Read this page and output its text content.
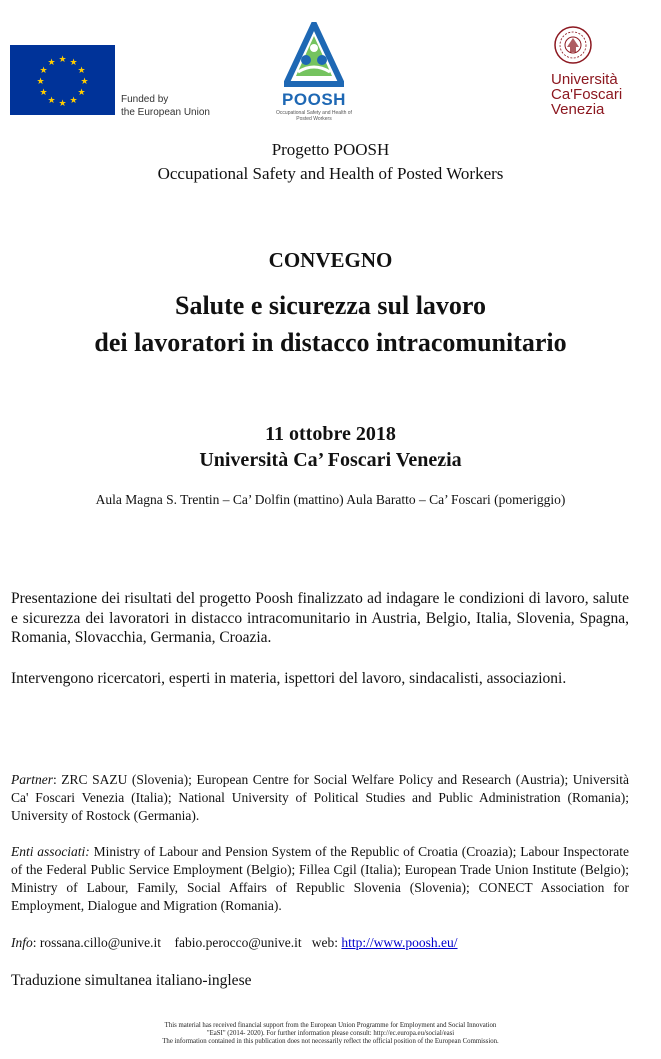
★ ★
★
★
★
★
★
★
★
★
★
★
Funded by
the European Union
POOSH
Occupational Safety and Health of Posted Workers
Università
Ca'Foscari
Venezia
Progetto POOSH
Occupational Safety and Health of Posted Workers
CONVEGNO
Salute e sicurezza sul lavoro
dei lavoratori in distacco intracomunitario
11 ottobre 2018
Università Ca’ Foscari Venezia
Aula Magna S. Trentin – Ca’ Dolfin (mattino) Aula Baratto – Ca’ Foscari (pomeriggio)
Presentazione dei risultati del progetto Poosh finalizzato ad indagare le condizioni di lavoro, salute e sicurezza dei lavoratori in distacco intracomunitario in Austria, Belgio, Italia, Slovenia, Spagna, Romania, Slovacchia, Germania, Croazia.
Intervengono ricercatori, esperti in materia, ispettori del lavoro, sindacalisti, associazioni.
Partner: ZRC SAZU (Slovenia); European Centre for Social Welfare Policy and Research (Austria); Università Ca' Foscari Venezia (Italia); National University of Political Studies and Public Administration (Romania); University of Rostock (Germania).
Enti associati: Ministry of Labour and Pension System of the Republic of Croatia (Croazia); Labour Inspectorate of the Federal Public Service Employment (Belgio); Fillea Cgil (Italia); European Trade Union Institute (Belgio); Ministry of Labour, Family, Social Affairs of Republic Slovenia (Slovenia); CONECT Association for Employment, Dialogue and Migration (Romania).
Info: rossana.cillo@unive.it    fabio.perocco@unive.it   web: http://www.poosh.eu/
Traduzione simultanea italiano-inglese
This material has received financial support from the European Union Programme for Employment and Social Innovation
"EaSI" (2014- 2020). For further information please consult: http://ec.europa.eu/social/easi
The information contained in this publication does not necessarily reflect the official position of the European Commission.
